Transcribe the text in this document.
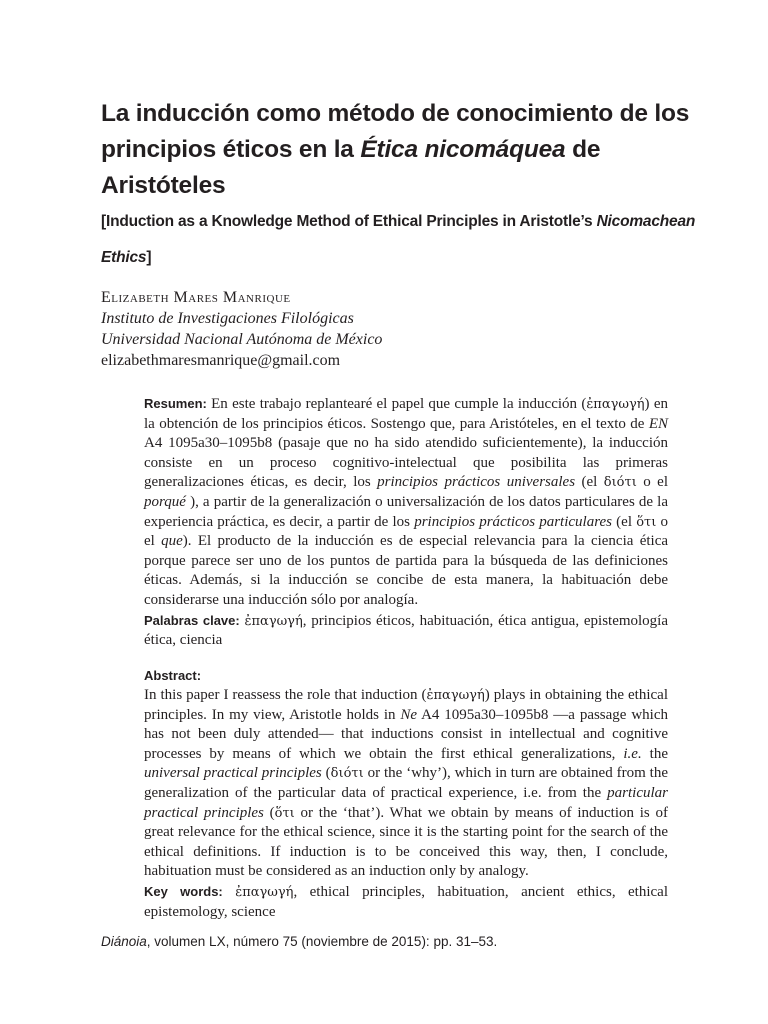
La inducción como método de conocimiento de los principios éticos en la Ética nicomáquea de Aristóteles
[Induction as a Knowledge Method of Ethical Principles in Aristotle’s Nicomachean Ethics]
Elizabeth Mares Manrique
Instituto de Investigaciones Filológicas
Universidad Nacional Autónoma de México
elizabethmaresmanrique@gmail.com

Resumen: En este trabajo replantearé el papel que cumple la inducción (ἐπαγωγή) en la obtención de los principios éticos. Sostengo que, para Aristóteles, en el texto de EN A4 1095a30–1095b8 (pasaje que no ha sido atendido suficientemente), la inducción consiste en un proceso cognitivo-intelectual que posibilita las primeras generalizaciones éticas, es decir, los principios prácticos universales (el διότι o el porqué ), a partir de la generalización o universalización de los datos particulares de la experiencia práctica, es decir, a partir de los principios prácticos particulares (el ὅτι o el que). El producto de la inducción es de especial relevancia para la ciencia ética porque parece ser uno de los puntos de partida para la búsqueda de las definiciones éticas. Además, si la inducción se concibe de esta manera, la habituación debe considerarse una inducción sólo por analogía.

Palabras clave: ἐπαγωγή, principios éticos, habituación, ética antigua, epistemología ética, ciencia

Abstract:

In this paper I reassess the role that induction (ἐπαγωγή) plays in obtaining the ethical principles. In my view, Aristotle holds in Ne A4 1095a30–1095b8 —a passage which has not been duly attended— that inductions consist in intellectual and cognitive processes by means of which we obtain the first ethical generalizations, i.e. the universal practical principles (διότι or the ‘why’), which in turn are obtained from the generalization of the particular data of practical experience, i.e. from the particular practical principles (ὅτι or the ‘that’). What we obtain by means of induction is of great relevance for the ethical science, since it is the starting point for the search of the ethical definitions. If induction is to be conceived this way, then, I conclude, habituation must be considered as an induction only by analogy.

Key words: ἐπαγωγή, ethical principles, habituation, ancient ethics, ethical epistemology, science

Diánoia, volumen LX, número 75 (noviembre de 2015): pp. 31–53.
